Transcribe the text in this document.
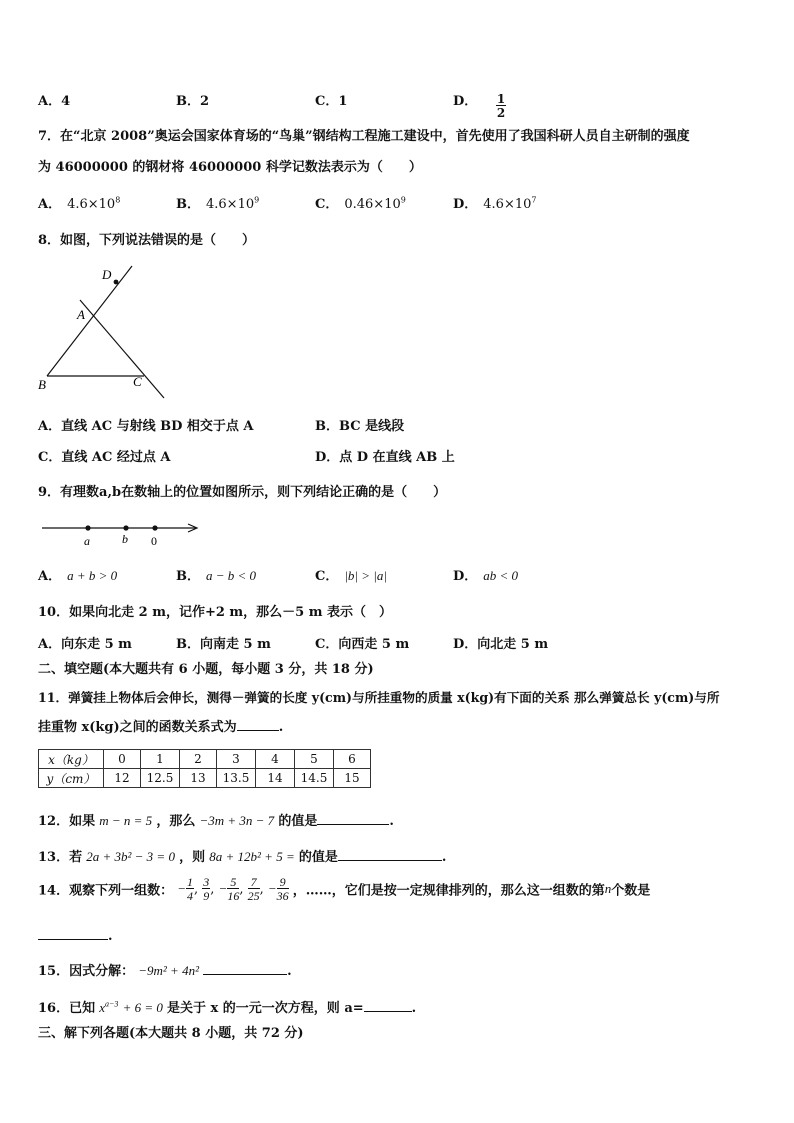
A．4	B．2	C．1	D． $\frac{1}{2}$
7．在“北京 2008”奥运会国家体育场的“鸟巢”钢结构工程施工建设中，首先使用了我国科研人员自主研制的强度
为 46000000 的钢材将 46000000 科学记数法表示为（　　）
A． $4.6\times 10^8$	B． $4.6\times 10^9$	C． $0.46\times 10^9$	D． $4.6\times 10^7$
8．如图，下列说法错误的是（　　）
D
A
B	C
A．直线 AC 与射线 BD 相交于点 A	B．BC 是线段
C．直线 AC 经过点 A	D．点 D 在直线 AB 上
9．有理数a,b在数轴上的位置如图所示，则下列结论正确的是（　　）
a	b 0
A． a + b > 0	B． a − b < 0	C． |b| > |a|	D． ab < 0
10．如果向北走 2 m，记作+2 m，那么－5 m 表示（　）
A．向东走 5 m	B．向南走 5 m	C．向西走 5 m	D．向北走 5 m
二、填空题(本大题共有 6 小题，每小题 3 分，共 18 分)
11．弹簧挂上物体后会伸长，测得－弹簧的长度 y(cm)与所挂重物的质量 x(kg)有下面的关系 那么弹簧总长 y(cm)与所
挂重物 x(kg)之间的函数关系式为	.
x（kg）	0	1	2	3	4	5	6
y（cm）	12	12.5	13	13.5	14	14.5	15
12．如果 m − n = 5 ，那么 −3m + 3n − 7 的值是	.
13．若 2a + 3b² − 3 = 0 ，则 8a + 12b² + 5 = 的值是	.
14．观察下列一组数： − $\frac{1}{4}$ , $\frac{3}{9}$ , − $\frac{5}{16}$ , $\frac{7}{25}$ , − $\frac{9}{36}$ ，……，它们是按一定规律排列的，那么这一组数的第n个数是
.
15．因式分解： −9m² + 4n²	.
16．已知 $x^{a-3} + 6 = 0$ 是关于 x 的一元一次方程，则 a=	.
三、解下列各题(本大题共 8 小题，共 72 分)
